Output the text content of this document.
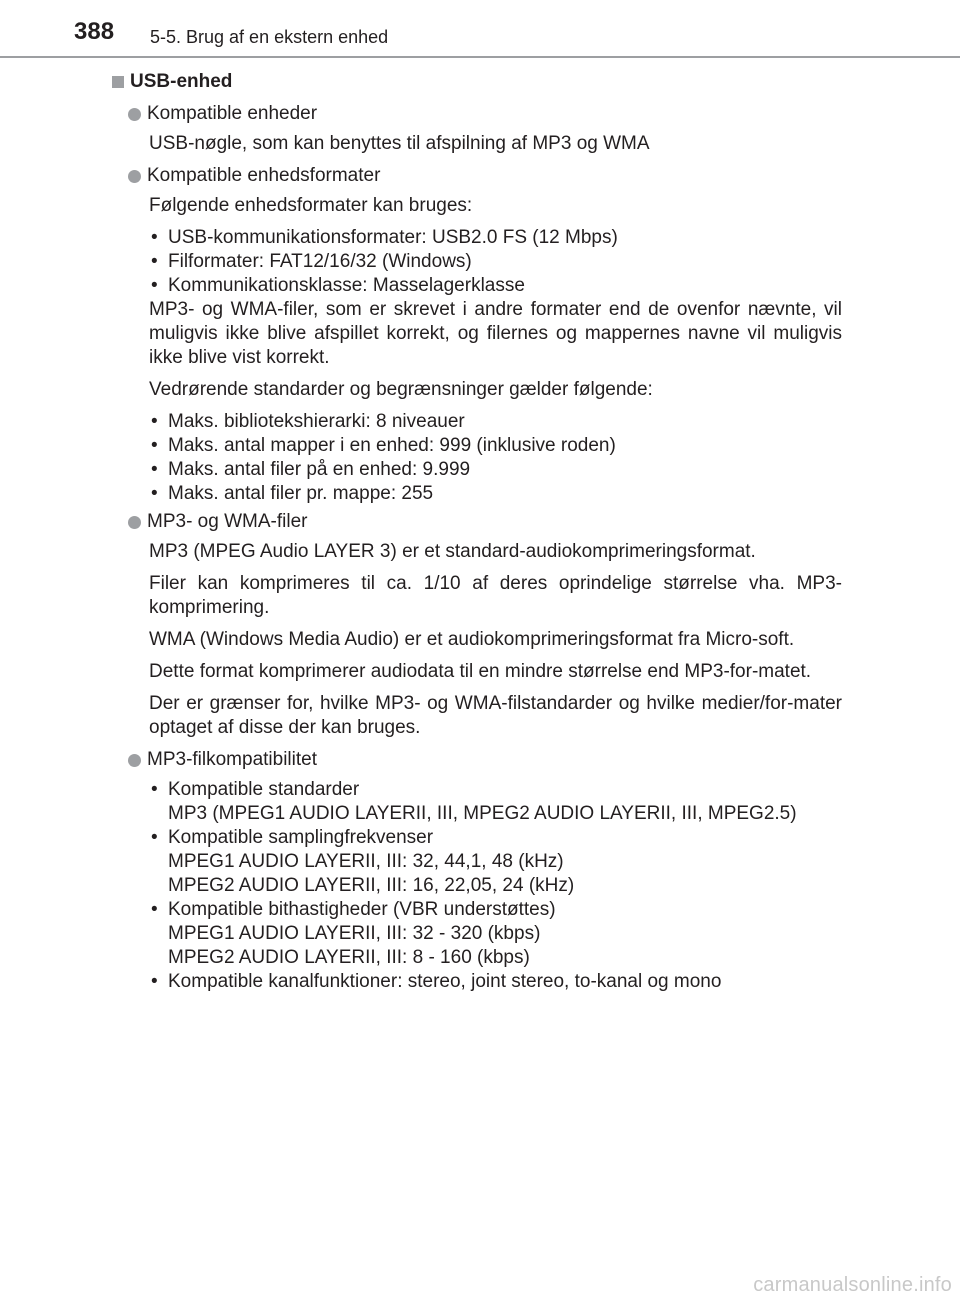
388 5-5. Brug af en ekstern enhed
USB-enhed
Kompatible enheder

USB-nøgle, som kan benyttes til afspilning af MP3 og WMA

Kompatible enhedsformater

Følgende enhedsformater kan bruges:

• USB-kommunikationsformater: USB2.0 FS (12 Mbps)
• Filformater: FAT12/16/32 (Windows)
• Kommunikationsklasse: Masselagerklasse

MP3- og WMA-filer, som er skrevet i andre formater end de ovenfor nævnte, vil muligvis ikke blive afspillet korrekt, og filernes og mappernes navne vil muligvis ikke blive vist korrekt.

Vedrørende standarder og begrænsninger gælder følgende:

• Maks. bibliotekshierarki: 8 niveauer
• Maks. antal mapper i en enhed: 999 (inklusive roden)
• Maks. antal filer på en enhed: 9.999
• Maks. antal filer pr. mappe: 255
MP3- og WMA-filer

MP3 (MPEG Audio LAYER 3) er et standard-audiokomprimeringsformat.

Filer kan komprimeres til ca. 1/10 af deres oprindelige størrelse vha. MP3-komprimering.

WMA (Windows Media Audio) er et audiokomprimeringsformat fra Micro-soft.

Dette format komprimerer audiodata til en mindre størrelse end MP3-for-matet.

Der er grænser for, hvilke MP3- og WMA-filstandarder og hvilke medier/for-mater optaget af disse der kan bruges.

MP3-filkompatibilitet
• Kompatible standarder
MP3 (MPEG1 AUDIO LAYERII, III, MPEG2 AUDIO LAYERII, III, MPEG2.5)
• Kompatible samplingfrekvenser
MPEG1 AUDIO LAYERII, III: 32, 44,1, 48 (kHz)
MPEG2 AUDIO LAYERII, III: 16, 22,05, 24 (kHz)
• Kompatible bithastigheder (VBR understøttes)
MPEG1 AUDIO LAYERII, III: 32 - 320 (kbps)
MPEG2 AUDIO LAYERII, III: 8 - 160 (kbps)
• Kompatible kanalfunktioner: stereo, joint stereo, to-kanal og mono
carmanualsonline.info
